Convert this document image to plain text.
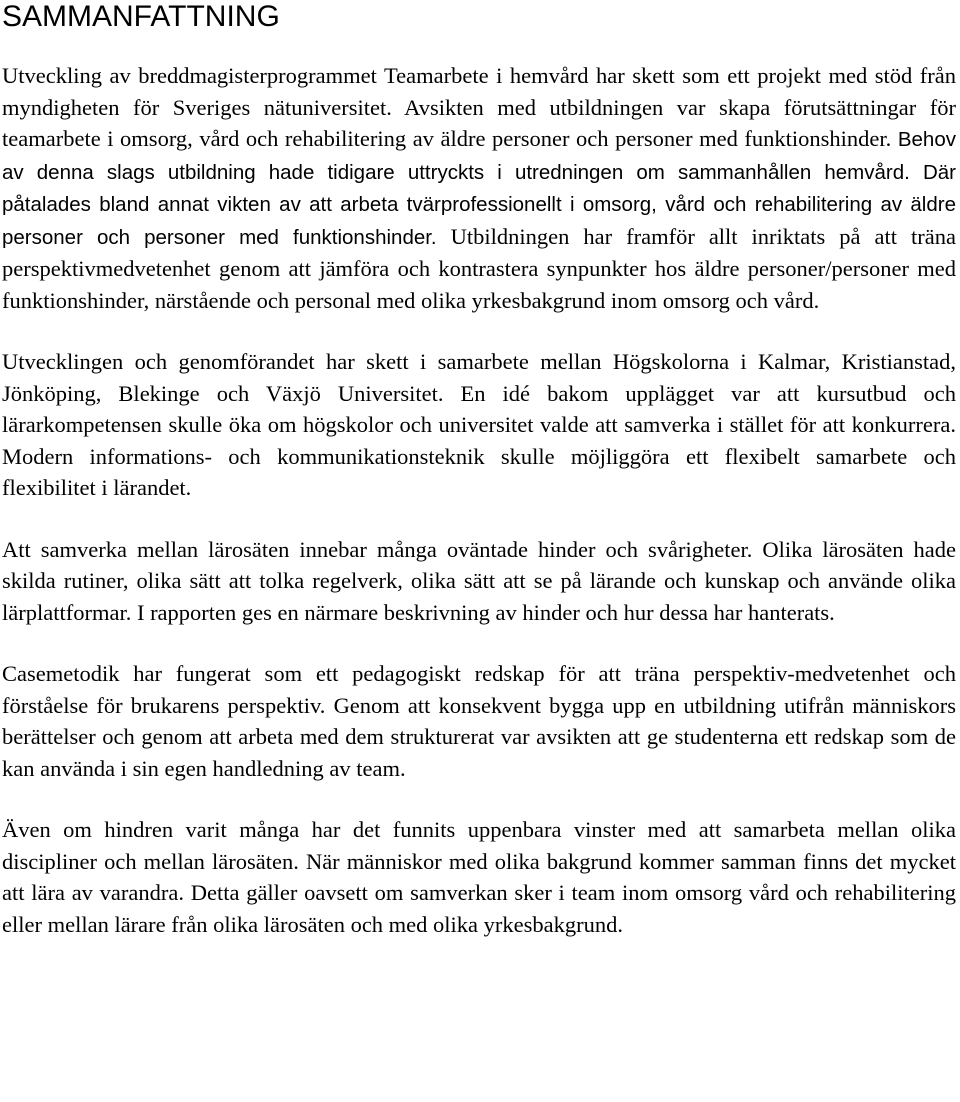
SAMMANFATTNING

Utveckling av breddmagisterprogrammet Teamarbete i hemvård har skett som ett projekt med stöd från myndigheten för Sveriges nätuniversitet. Avsikten med utbildningen var skapa förutsättningar för teamarbete i omsorg, vård och rehabilitering av äldre personer och personer med funktionshinder. Behov av denna slags utbildning hade tidigare uttryckts i utredningen om sammanhållen hemvård. Där påtalades bland annat vikten av att arbeta tvärprofessionellt i omsorg, vård och rehabilitering av äldre personer och personer med funktionshinder. Utbildningen har framför allt inriktats på att träna perspektivmedvetenhet genom att jämföra och kontrastera synpunkter hos äldre personer/personer med funktionshinder, närstående och personal med olika yrkesbakgrund inom omsorg och vård.

Utvecklingen och genomförandet har skett i samarbete mellan Högskolorna i Kalmar, Kristianstad, Jönköping, Blekinge och Växjö Universitet. En idé bakom upplägget var att kursutbud och lärarkompetensen skulle öka om högskolor och universitet valde att samverka i stället för att konkurrera. Modern informations- och kommunikationsteknik skulle möjliggöra ett flexibelt samarbete och flexibilitet i lärandet.

Att samverka mellan lärosäten innebar många oväntade hinder och svårigheter. Olika lärosäten hade skilda rutiner, olika sätt att tolka regelverk, olika sätt att se på lärande och kunskap och använde olika lärplattformar. I rapporten ges en närmare beskrivning av hinder och hur dessa har hanterats.

Casemetodik har fungerat som ett pedagogiskt redskap för att träna perspektiv-medvetenhet och förståelse för brukarens perspektiv. Genom att konsekvent bygga upp en utbildning utifrån människors berättelser och genom att arbeta med dem strukturerat var avsikten att ge studenterna ett redskap som de kan använda i sin egen handledning av team.

Även om hindren varit många har det funnits uppenbara vinster med att samarbeta mellan olika discipliner och mellan lärosäten. När människor med olika bakgrund kommer samman finns det mycket att lära av varandra. Detta gäller oavsett om samverkan sker i team inom omsorg vård och rehabilitering eller mellan lärare från olika lärosäten och med olika yrkesbakgrund.
